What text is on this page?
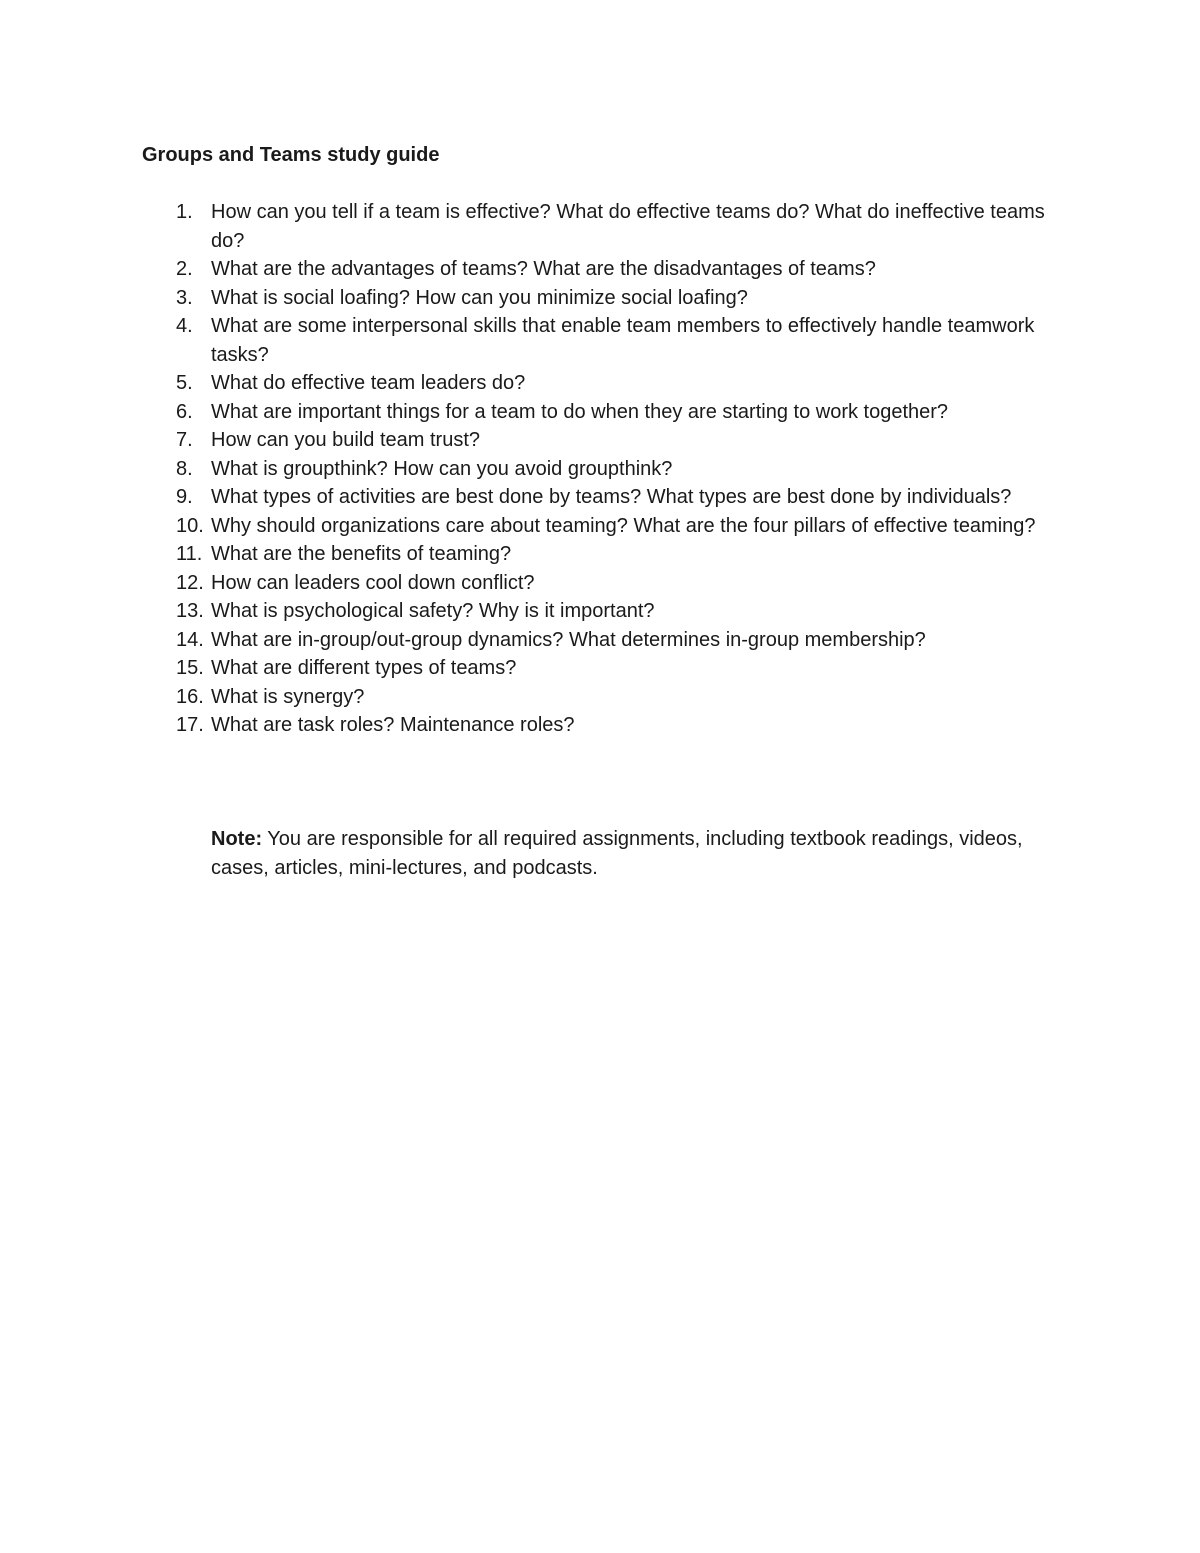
Groups and Teams study guide
1. How can you tell if a team is effective? What do effective teams do? What do ineffective teams do?
2. What are the advantages of teams? What are the disadvantages of teams?
3. What is social loafing? How can you minimize social loafing?
4. What are some interpersonal skills that enable team members to effectively handle teamwork tasks?
5. What do effective team leaders do?
6. What are important things for a team to do when they are starting to work together?
7. How can you build team trust?
8. What is groupthink? How can you avoid groupthink?
9. What types of activities are best done by teams? What types are best done by individuals?
10. Why should organizations care about teaming? What are the four pillars of effective teaming?
11. What are the benefits of teaming?
12. How can leaders cool down conflict?
13. What is psychological safety? Why is it important?
14. What are in-group/out-group dynamics? What determines in-group membership?
15. What are different types of teams?
16. What is synergy?
17. What are task roles? Maintenance roles?

Note: You are responsible for all required assignments, including textbook readings, videos, cases, articles, mini-lectures, and podcasts.
